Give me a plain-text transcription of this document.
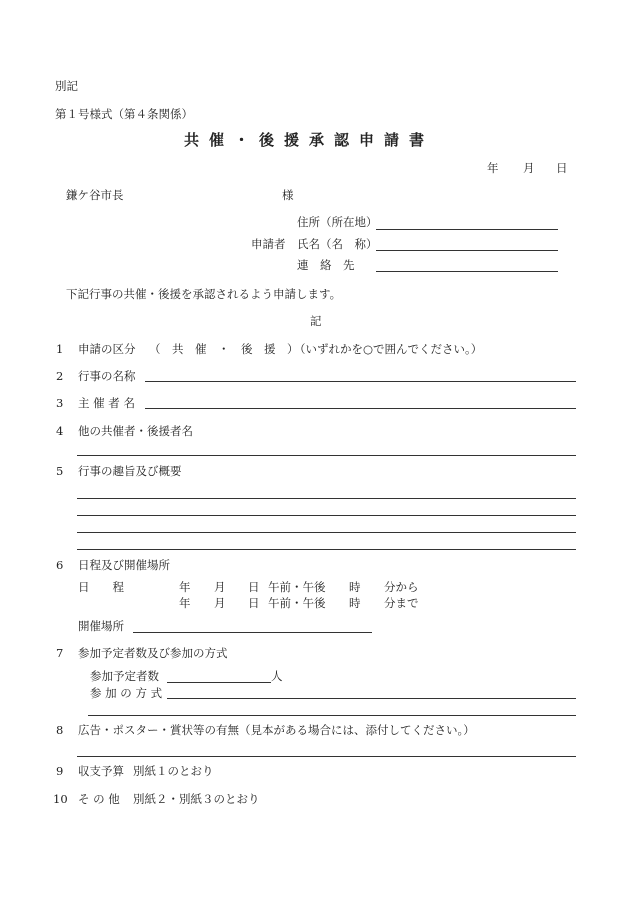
別記
第１号様式（第４条関係）
共催・後援承認申請書
年 月 日
鎌ケ谷市長	様
住所（所在地）
申請者 氏名（名　称）
連　絡　先
下記行事の共催・後援を承認されるよう申請します。
記
1 申請の区分 （　共　催　・　後　援　）
（いずれかを○で囲んでください。）
2 行事の名称
3 主 催 者 名
4 他の共催者・後援者名
5 行事の趣旨及び概要
6 日程及び開催場所
日　　程	年 月 日 午前・午後 時 分から
年 月 日 午前・午後 時 分まで
開催場所
7 参加予定者数及び参加の方式
参加予定者数	人
参 加 の 方 式
8 広告・ポスター・賞状等の有無（見本がある場合には、添付してください。）
9 収支予算 別紙１のとおり
10 そ の 他 別紙２・別紙３のとおり
